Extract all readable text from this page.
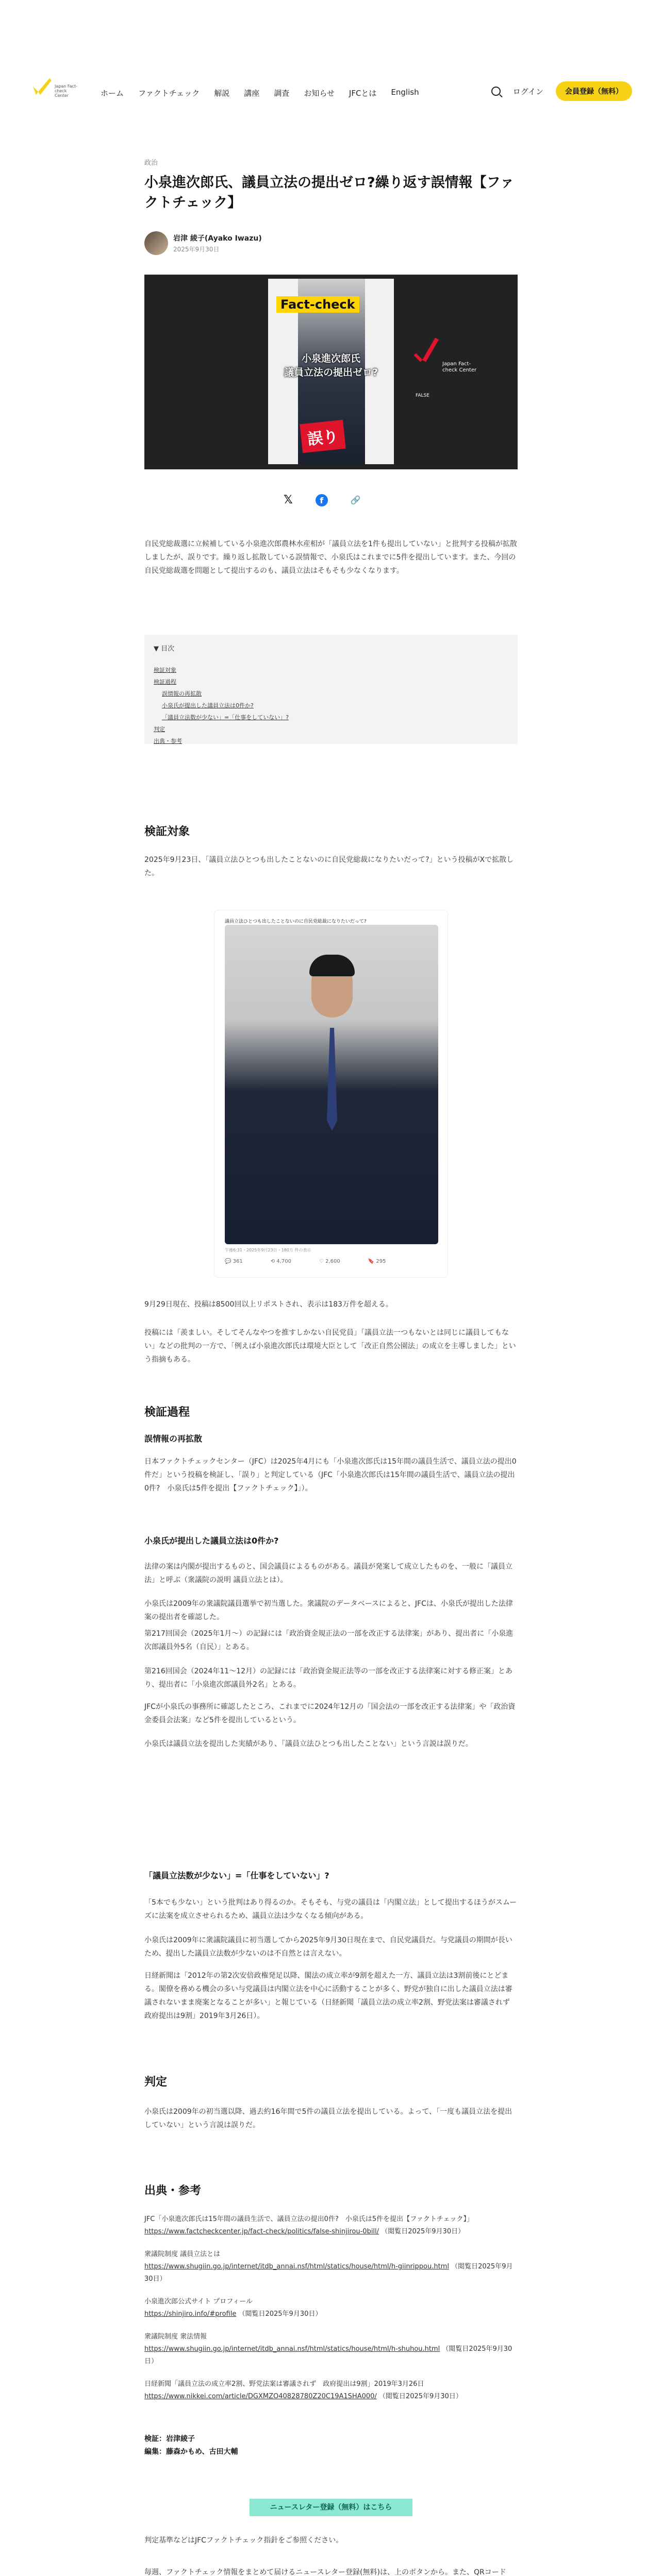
Japan Fact-check Center	ホーム ファクトチェック 解説 講座 調査 お知らせ JFCとは English	ログイン	会員登録（無料）
政治
小泉進次郎氏、議員立法の提出ゼロ?繰り返す誤情報【ファクトチェック】
岩津 綾子(Ayako Iwazu)
2025年9月30日
Fact-check
小泉進次郎氏
議員立法の提出ゼロ?
誤り
Japan Fact-check Center
FALSE
𝕏	f	🔗

自民党総裁選に立候補している小泉進次郎農林水産相が「議員立法を1件も提出していない」と批判する投稿が拡散しましたが、誤りです。繰り返し拡散している誤情報で、小泉氏はこれまでに5件を提出しています。また、今回の自民党総裁選を問題として提出するのも、議員立法はそもそも少なくなります。

▼ 目次
検証対象
検証過程
誤情報の再拡散
小泉氏が提出した議員立法は0件か?
「議員立法数が少ない」=「仕事をしていない」?
判定
出典・参考
検証対象

2025年9月23日、「議員立法ひとつも出したことないのに自民党総裁になりたいだって?」という投稿がXで拡散した。

議員立法ひとつも出したことないのに自民党総裁になりたいだって?
午後6:31・2025年9月23日・180万 件の表示
💬 361	⟲ 4,700	♡ 2,600	🔖 295

9月29日現在、投稿は8500回以上リポストされ、表示は183万件を超える。

投稿には「羨ましい。そしてそんなやつを推すしかない自民党員」「議員立法一つもないとは同じに議員してもない」などの批判の一方で、「例えば小泉進次郎氏は環境大臣として「改正自然公園法」の成立を主導しました」という指摘もある。

検証過程
誤情報の再拡散

日本ファクトチェックセンター（JFC）は2025年4月にも「小泉進次郎氏は15年間の議員生活で、議員立法の提出0件だ」という投稿を検証し、「誤り」と判定している（JFC「小泉進次郎氏は15年間の議員生活で、議員立法の提出0件?　小泉氏は5件を提出【ファクトチェック】」）。

小泉氏が提出した議員立法は0件か?

法律の案は内閣が提出するものと、国会議員によるものがある。議員が発案して成立したものを、一般に「議員立法」と呼ぶ（衆議院の説明 議員立法とは）。

小泉氏は2009年の衆議院議員選挙で初当選した。衆議院のデータベースによると、JFCは、小泉氏が提出した法律案の提出者を確認した。

第217回国会（2025年1月〜）の記録には「政治資金規正法の一部を改正する法律案」があり、提出者に「小泉進次郎議員外5名（自民）」とある。

第216回国会（2024年11〜12月）の記録には「政治資金規正法等の一部を改正する法律案に対する修正案」とあり、提出者に「小泉進次郎議員外2名」とある。

JFCが小泉氏の事務所に確認したところ、これまでに2024年12月の「国会法の一部を改正する法律案」や「政治資金委員会法案」など5件を提出しているという。

小泉氏は議員立法を提出した実績があり、「議員立法ひとつも出したことない」という言説は誤りだ。

「議員立法数が少ない」=「仕事をしていない」?

「5本でも少ない」という批判はあり得るのか。そもそも、与党の議員は「内閣立法」として提出するほうがスムーズに法案を成立させられるため、議員立法は少なくなる傾向がある。

小泉氏は2009年に衆議院議員に初当選してから2025年9月30日現在まで、自民党議員だ。与党議員の期間が長いため、提出した議員立法数が少ないのは不自然とは言えない。

日経新聞は「2012年の第2次安倍政権発足以降、閣法の成立率が9割を超えた一方、議員立法は3割前後にとどまる。閣僚を務める機会の多い与党議員は内閣立法を中心に活動することが多く、野党が独自に出した議員立法は審議されないまま廃案となることが多い」と報じている（日経新聞「議員立法の成立率2割、野党法案は審議されず　政府提出は9割」2019年3月26日）。

判定

小泉氏は2009年の初当選以降、過去約16年間で5件の議員立法を提出している。よって、「一度も議員立法を提出していない」という言説は誤りだ。

出典・参考
JFC「小泉進次郎氏は15年間の議員生活で、議員立法の提出0件?　小泉氏は5件を提出【ファクトチェック】」
https://www.factcheckcenter.jp/fact-check/politics/false-shinjirou-0bill/ （閲覧日2025年9月30日）
衆議院制度 議員立法とは
https://www.shugiin.go.jp/internet/itdb_annai.nsf/html/statics/house/html/h-giinrippou.html （閲覧日2025年9月30日）
小泉進次郎公式サイト プロフィール
https://shinjiro.info/#profile （閲覧日2025年9月30日）
衆議院制度 衆法情報
https://www.shugiin.go.jp/internet/itdb_annai.nsf/html/statics/house/html/h-shuhou.html （閲覧日2025年9月30日）
日経新聞「議員立法の成立率2割、野党法案は審議されず　政府提出は9割」2019年3月26日
https://www.nikkei.com/article/DGXMZO40828780Z20C19A1SHA000/ （閲覧日2025年9月30日）
検証：岩津綾子
編集：藤森かもめ、古田大輔
ニュースレター登録（無料）はこちら

判定基準などはJFCファクトチェック指針をご参照ください。

毎週、ファクトチェック情報をまとめて届けるニュースレター登録(無料)は、上のボタンから。また、QRコード
